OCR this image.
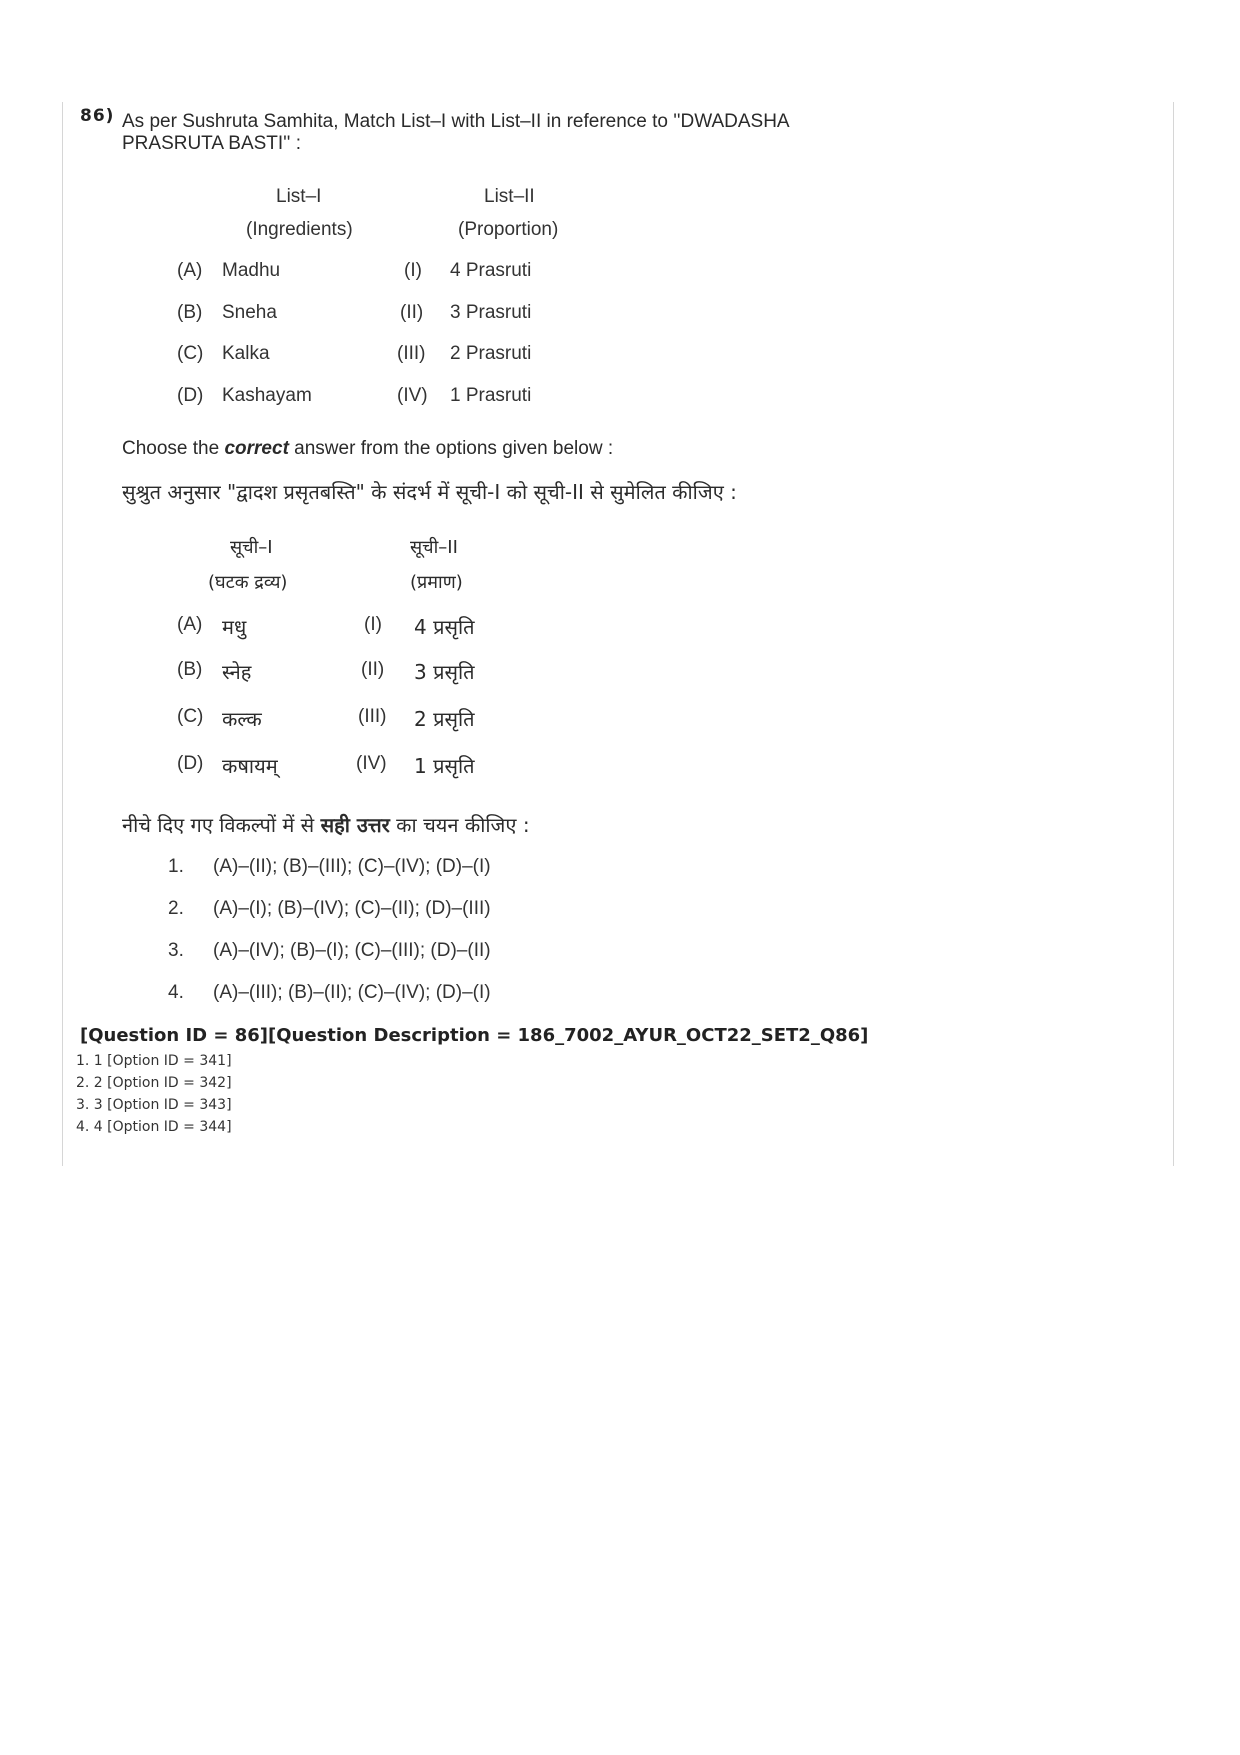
86) As per Sushruta Samhita, Match List–I with List–II in reference to ''DWADASHA PRASRUTA BASTI'' :
List–I
(Ingredients)
List–II
(Proportion)
(A) Madhu	(I) 4 Prasruti
(B) Sneha	(II) 3 Prasruti
(C) Kalka	(III) 2 Prasruti
(D) Kashayam	(IV) 1 Prasruti
Choose the correct answer from the options given below :
सुश्रुत अनुसार "द्वादश प्रसृतबस्ति" के संदर्भ में सूची-I को सूची-II से सुमेलित कीजिए :
सूची–I
(घटक द्रव्य)
सूची–II
(प्रमाण)
(A) मधु	(I) 4 प्रसृति
(B) स्नेह	(II) 3 प्रसृति
(C) कल्क	(III) 2 प्रसृति
(D) कषायम्	(IV) 1 प्रसृति
नीचे दिए गए विकल्पों में से सही उत्तर का चयन कीजिए :
1. (A)–(II); (B)–(III); (C)–(IV); (D)–(I)
2. (A)–(I); (B)–(IV); (C)–(II); (D)–(III)
3. (A)–(IV); (B)–(I); (C)–(III); (D)–(II)
4. (A)–(III); (B)–(II); (C)–(IV); (D)–(I)
[Question ID = 86][Question Description = 186_7002_AYUR_OCT22_SET2_Q86]
1. 1 [Option ID = 341]
2. 2 [Option ID = 342]
3. 3 [Option ID = 343]
4. 4 [Option ID = 344]
